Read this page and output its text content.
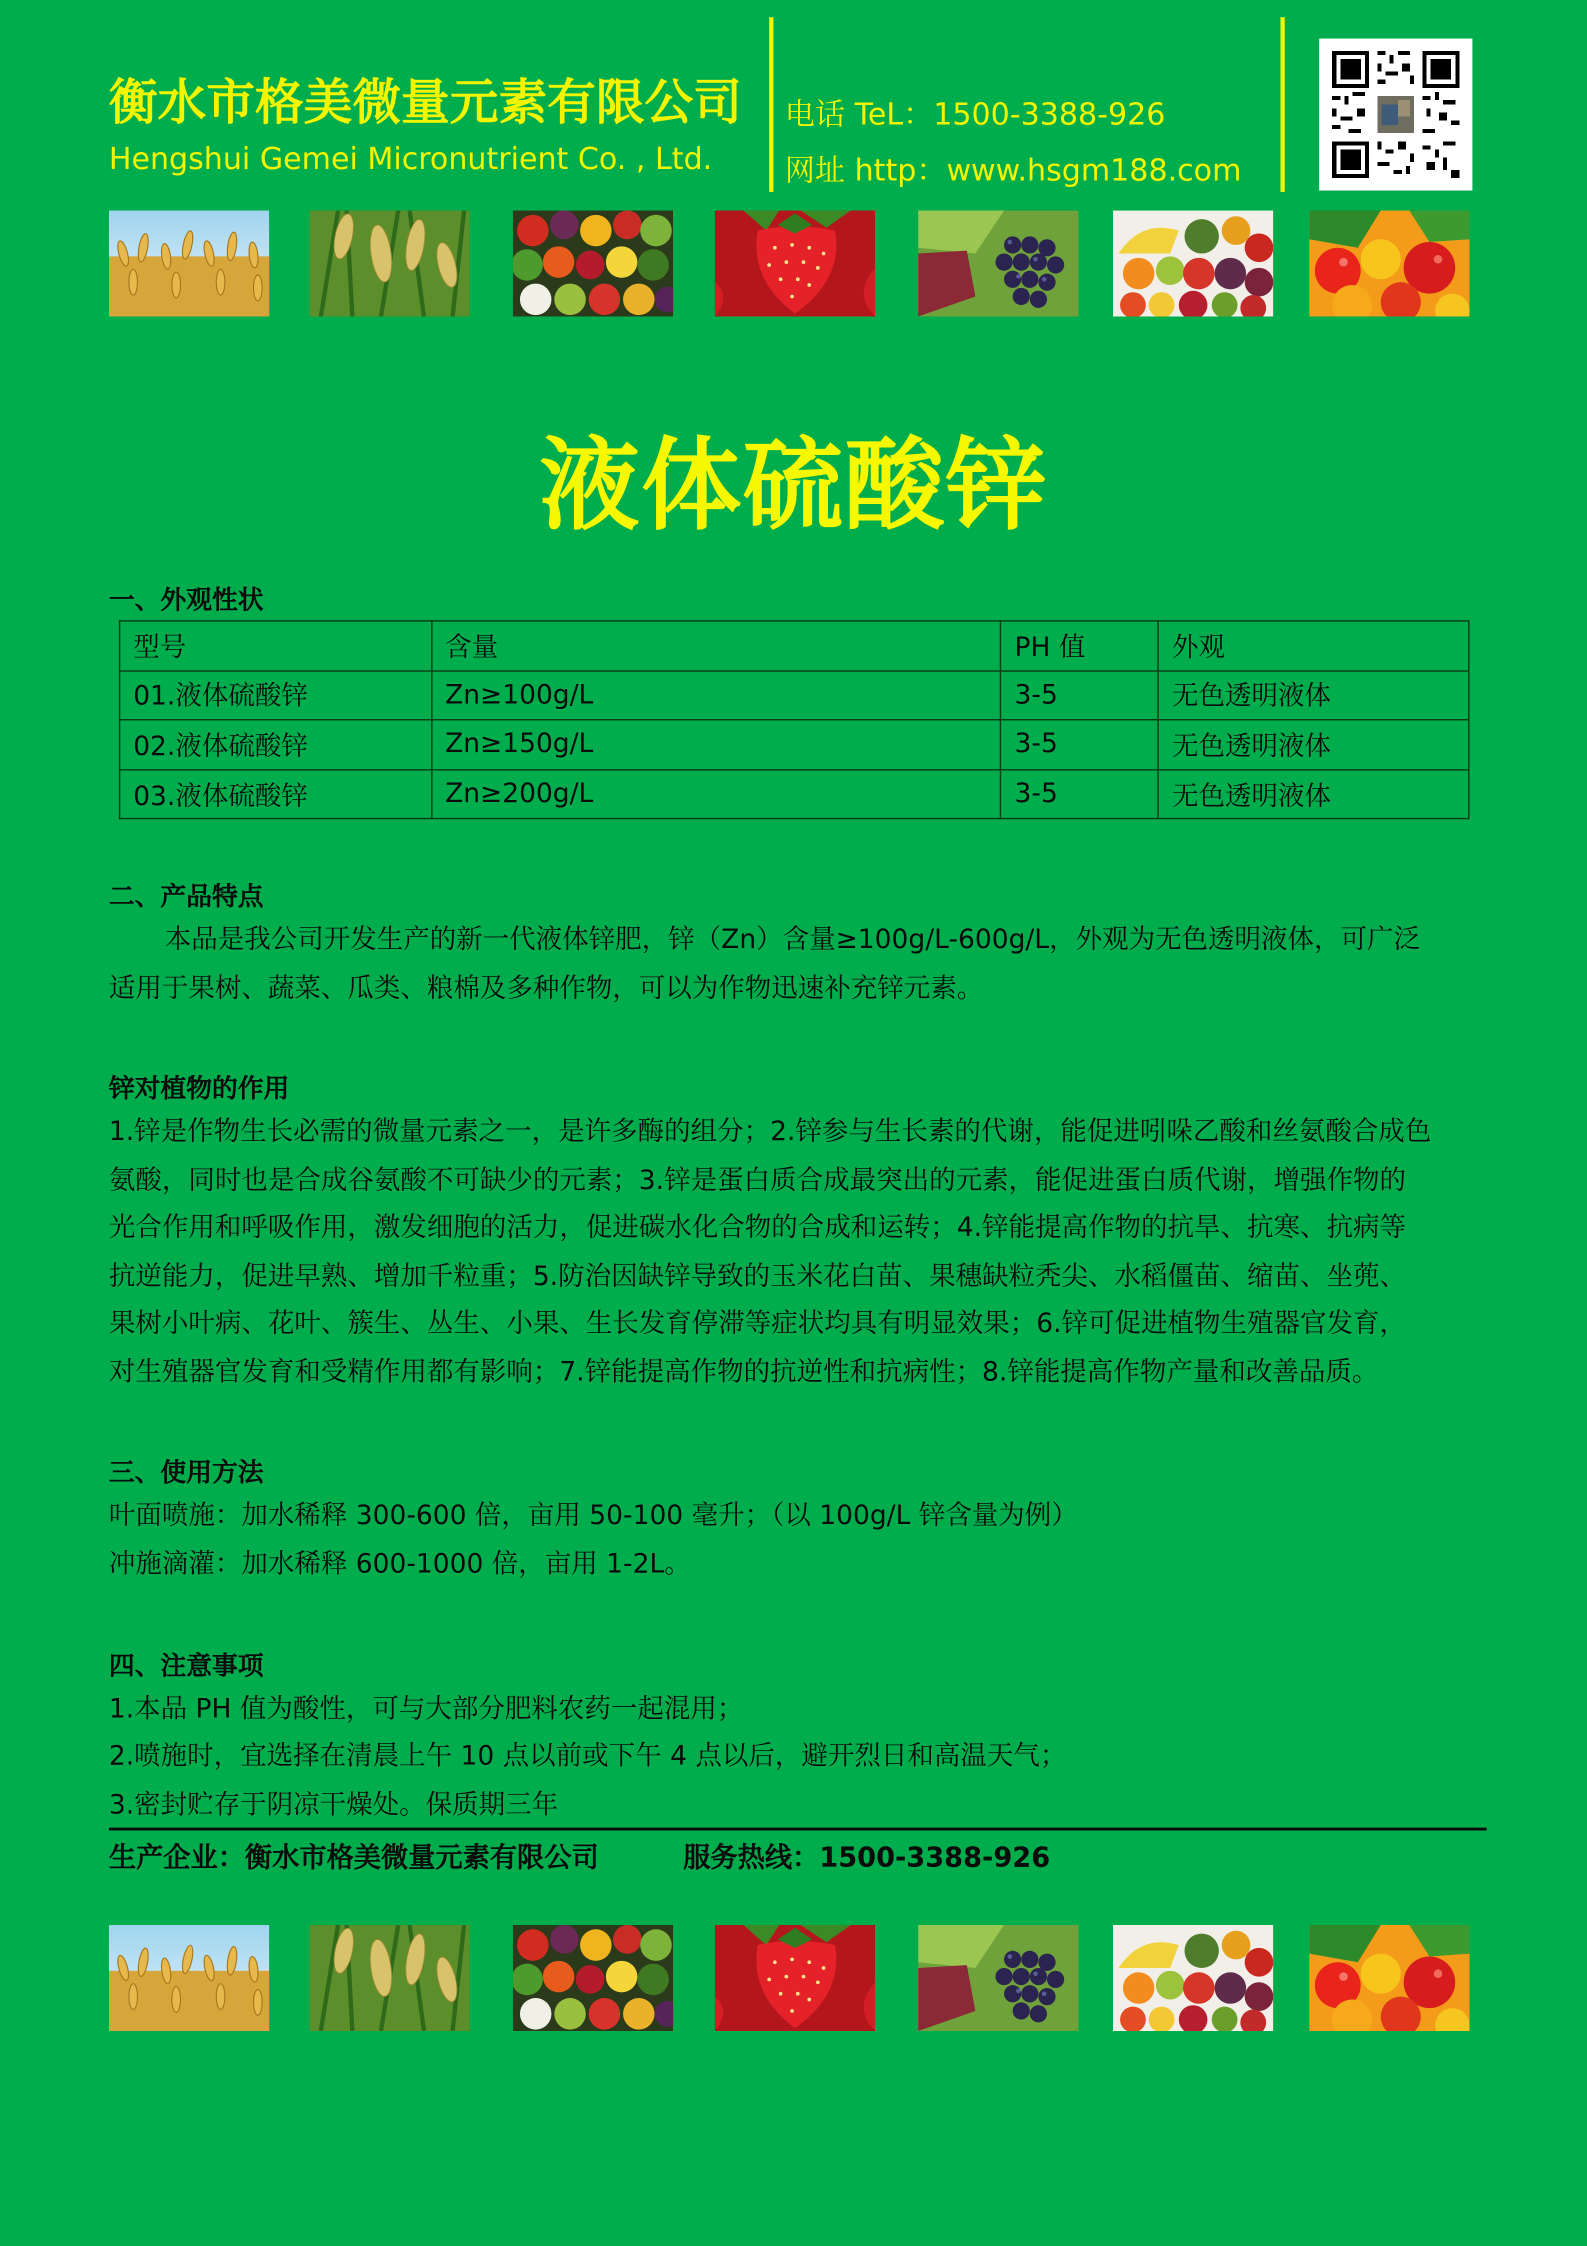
衡水市格美微量元素有限公司
Hengshui Gemei Micronutrient Co. , Ltd.
电话 TeL：1500-3388-926
网址 http：www.hsgm188.com
液体硫酸锌
一、外观性状
型号	含量	PH 值	外观
01.液体硫酸锌	Zn≥100g/L	3-5	无色透明液体
02.液体硫酸锌	Zn≥150g/L	3-5	无色透明液体
03.液体硫酸锌	Zn≥200g/L	3-5	无色透明液体
二、产品特点
本品是我公司开发生产的新一代液体锌肥，锌（Zn）含量≥100g/L-600g/L，外观为无色透明液体，可广泛
适用于果树、蔬菜、瓜类、粮棉及多种作物，可以为作物迅速补充锌元素。
锌对植物的作用
1.锌是作物生长必需的微量元素之一，是许多酶的组分；2.锌参与生长素的代谢，能促进吲哚乙酸和丝氨酸合成色
氨酸，同时也是合成谷氨酸不可缺少的元素；3.锌是蛋白质合成最突出的元素，能促进蛋白质代谢，增强作物的
光合作用和呼吸作用，激发细胞的活力，促进碳水化合物的合成和运转；4.锌能提高作物的抗旱、抗寒、抗病等
抗逆能力，促进早熟、增加千粒重；5.防治因缺锌导致的玉米花白苗、果穗缺粒秃尖、水稻僵苗、缩苗、坐蔸、
果树小叶病、花叶、簇生、丛生、小果、生长发育停滞等症状均具有明显效果；6.锌可促进植物生殖器官发育，
对生殖器官发育和受精作用都有影响；7.锌能提高作物的抗逆性和抗病性；8.锌能提高作物产量和改善品质。
三、使用方法
叶面喷施：加水稀释 300-600 倍，亩用 50-100 毫升；（以 100g/L 锌含量为例）
冲施滴灌：加水稀释 600-1000 倍，亩用 1-2L。
四、注意事项
1.本品 PH 值为酸性，可与大部分肥料农药一起混用；
2.喷施时，宜选择在清晨上午 10 点以前或下午 4 点以后，避开烈日和高温天气；
3.密封贮存于阴凉干燥处。保质期三年
生产企业：衡水市格美微量元素有限公司	服务热线：1500-3388-926
